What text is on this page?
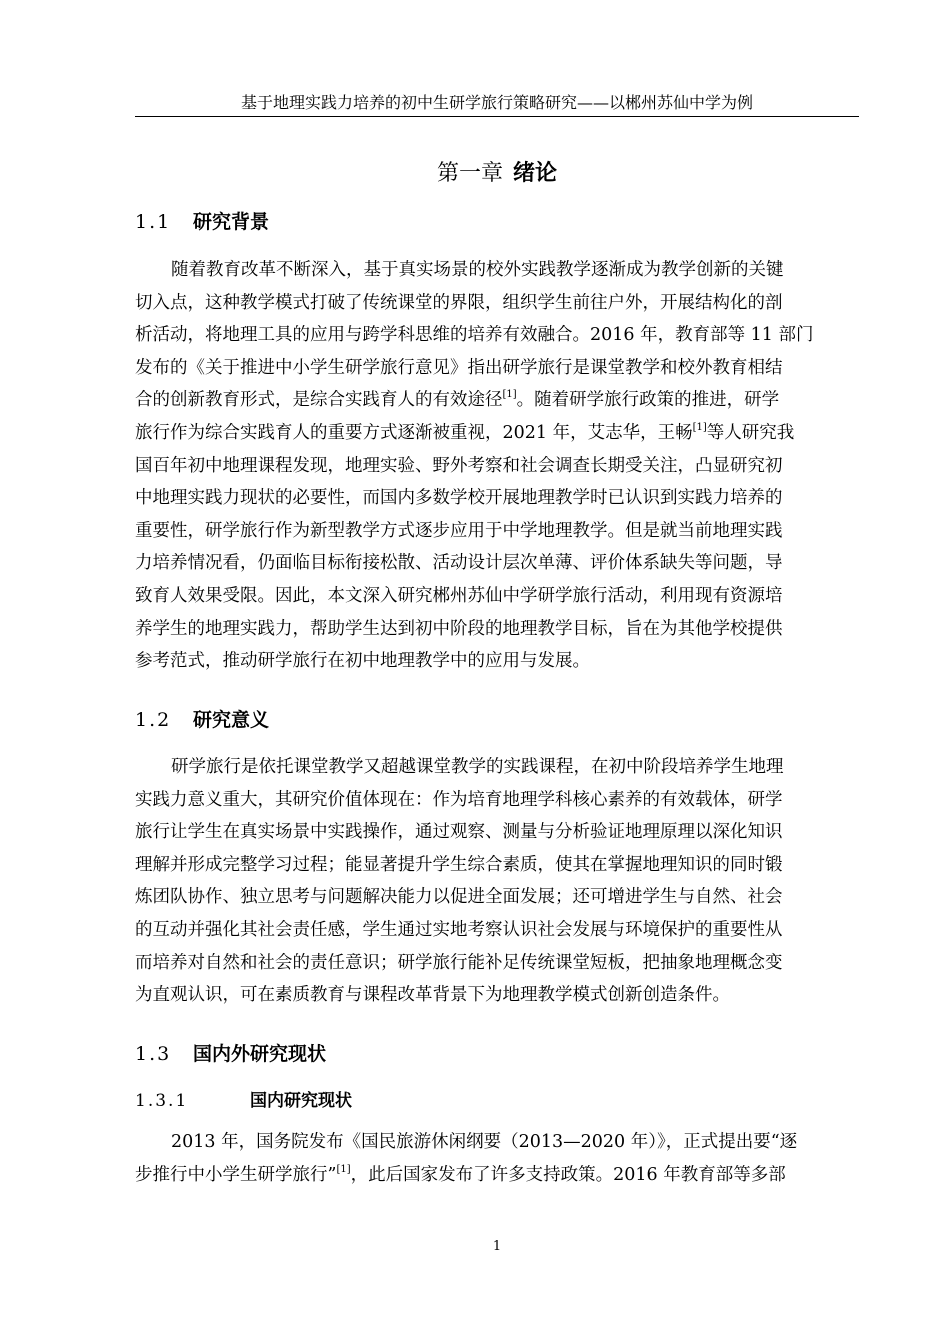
基于地理实践力培养的初中生研学旅行策略研究——以郴州苏仙中学为例
第一章 绪论
1.1 研究背景
随着教育改革不断深入，基于真实场景的校外实践教学逐渐成为教学创新的关键
切入点，这种教学模式打破了传统课堂的界限，组织学生前往户外，开展结构化的剖
析活动，将地理工具的应用与跨学科思维的培养有效融合。2016 年，教育部等 11 部门
发布的《关于推进中小学生研学旅行意见》指出研学旅行是课堂教学和校外教育相结
合的创新教育形式，是综合实践育人的有效途径[1]。随着研学旅行政策的推进，研学
旅行作为综合实践育人的重要方式逐渐被重视，2021 年，艾志华，王畅[1]等人研究我
国百年初中地理课程发现，地理实验、野外考察和社会调查长期受关注，凸显研究初
中地理实践力现状的必要性，而国内多数学校开展地理教学时已认识到实践力培养的
重要性，研学旅行作为新型教学方式逐步应用于中学地理教学。但是就当前地理实践
力培养情况看，仍面临目标衔接松散、活动设计层次单薄、评价体系缺失等问题，导
致育人效果受限。因此，本文深入研究郴州苏仙中学研学旅行活动，利用现有资源培
养学生的地理实践力，帮助学生达到初中阶段的地理教学目标，旨在为其他学校提供
参考范式，推动研学旅行在初中地理教学中的应用与发展。
1.2 研究意义
研学旅行是依托课堂教学又超越课堂教学的实践课程，在初中阶段培养学生地理
实践力意义重大，其研究价值体现在：作为培育地理学科核心素养的有效载体，研学
旅行让学生在真实场景中实践操作，通过观察、测量与分析验证地理原理以深化知识
理解并形成完整学习过程；能显著提升学生综合素质，使其在掌握地理知识的同时锻
炼团队协作、独立思考与问题解决能力以促进全面发展；还可增进学生与自然、社会
的互动并强化其社会责任感，学生通过实地考察认识社会发展与环境保护的重要性从
而培养对自然和社会的责任意识；研学旅行能补足传统课堂短板，把抽象地理概念变
为直观认识，可在素质教育与课程改革背景下为地理教学模式创新创造条件。
1.3 国内外研究现状
1.3.1	国内研究现状
2013 年，国务院发布《国民旅游休闲纲要（2013—2020 年）》，正式提出要“逐
步推行中小学生研学旅行”[1]，此后国家发布了许多支持政策。2016 年教育部等多部
1
